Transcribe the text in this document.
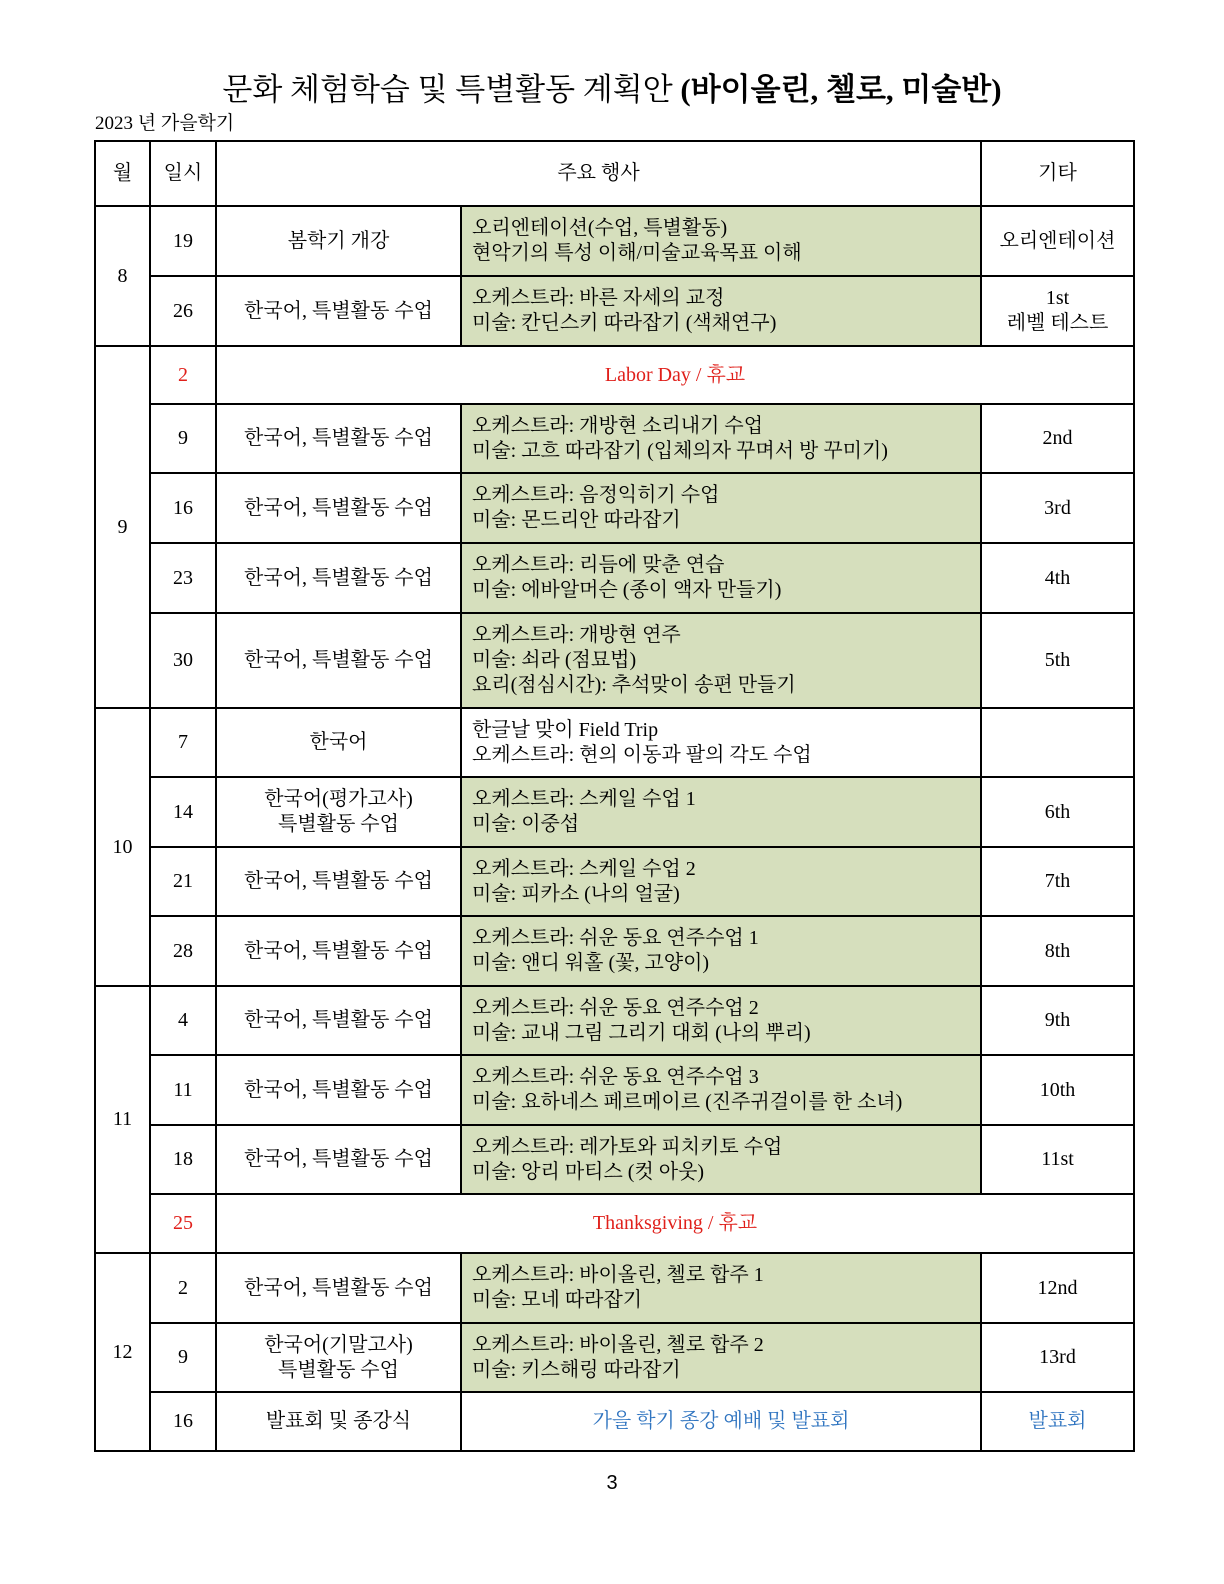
문화 체험학습 및 특별활동 계획안 (바이올린, 첼로, 미술반)
2023 년 가을학기
월	일시	주요 행사		기타
8	19	봄학기 개강	오리엔테이션(수업, 특별활동)
현악기의 특성 이해/미술교육목표 이해	오리엔테이션

	26	한국어, 특별활동 수업	오케스트라: 바른 자세의 교정
미술: 칸딘스키 따라잡기 (색채연구)	1st
레벨 테스트

9	2	Labor Day / 휴교		
	9	한국어, 특별활동 수업	오케스트라: 개방현 소리내기 수업
미술: 고흐 따라잡기 (입체의자 꾸며서 방 꾸미기)	2nd

	16	한국어, 특별활동 수업	오케스트라: 음정익히기 수업
미술: 몬드리안 따라잡기	3rd

	23	한국어, 특별활동 수업	오케스트라: 리듬에 맞춘 연습
미술: 에바알머슨 (종이 액자 만들기)	4th

	30	한국어, 특별활동 수업	오케스트라: 개방현 연주
미술: 쇠라 (점묘법)
요리(점심시간): 추석맞이 송편 만들기	5th

10	7	한국어	한글날 맞이 Field Trip
오케스트라: 현의 이동과 팔의 각도 수업	

	14	한국어(평가고사)
특별활동 수업	오케스트라: 스케일 수업 1
미술: 이중섭	6th

	21	한국어, 특별활동 수업	오케스트라: 스케일 수업 2
미술: 피카소 (나의 얼굴)	7th

	28	한국어, 특별활동 수업	오케스트라: 쉬운 동요 연주수업 1
미술: 앤디 워홀 (꽃, 고양이)	8th

11	4	한국어, 특별활동 수업	오케스트라: 쉬운 동요 연주수업 2
미술: 교내 그림 그리기 대회 (나의 뿌리)	9th

	11	한국어, 특별활동 수업	오케스트라: 쉬운 동요 연주수업 3
미술: 요하네스 페르메이르 (진주귀걸이를 한 소녀)	10th

	18	한국어, 특별활동 수업	오케스트라: 레가토와 피치키토 수업
미술: 앙리 마티스 (컷 아웃)	11st

	25	Thanksgiving / 휴교		
12	2	한국어, 특별활동 수업	오케스트라: 바이올린, 첼로 합주 1
미술: 모네 따라잡기	12nd

	9	한국어(기말고사)
특별활동 수업	오케스트라: 바이올린, 첼로 합주 2
미술: 키스해링 따라잡기	13rd

	16	발표회 및 종강식	가을 학기 종강 예배 및 발표회	발표회
3
